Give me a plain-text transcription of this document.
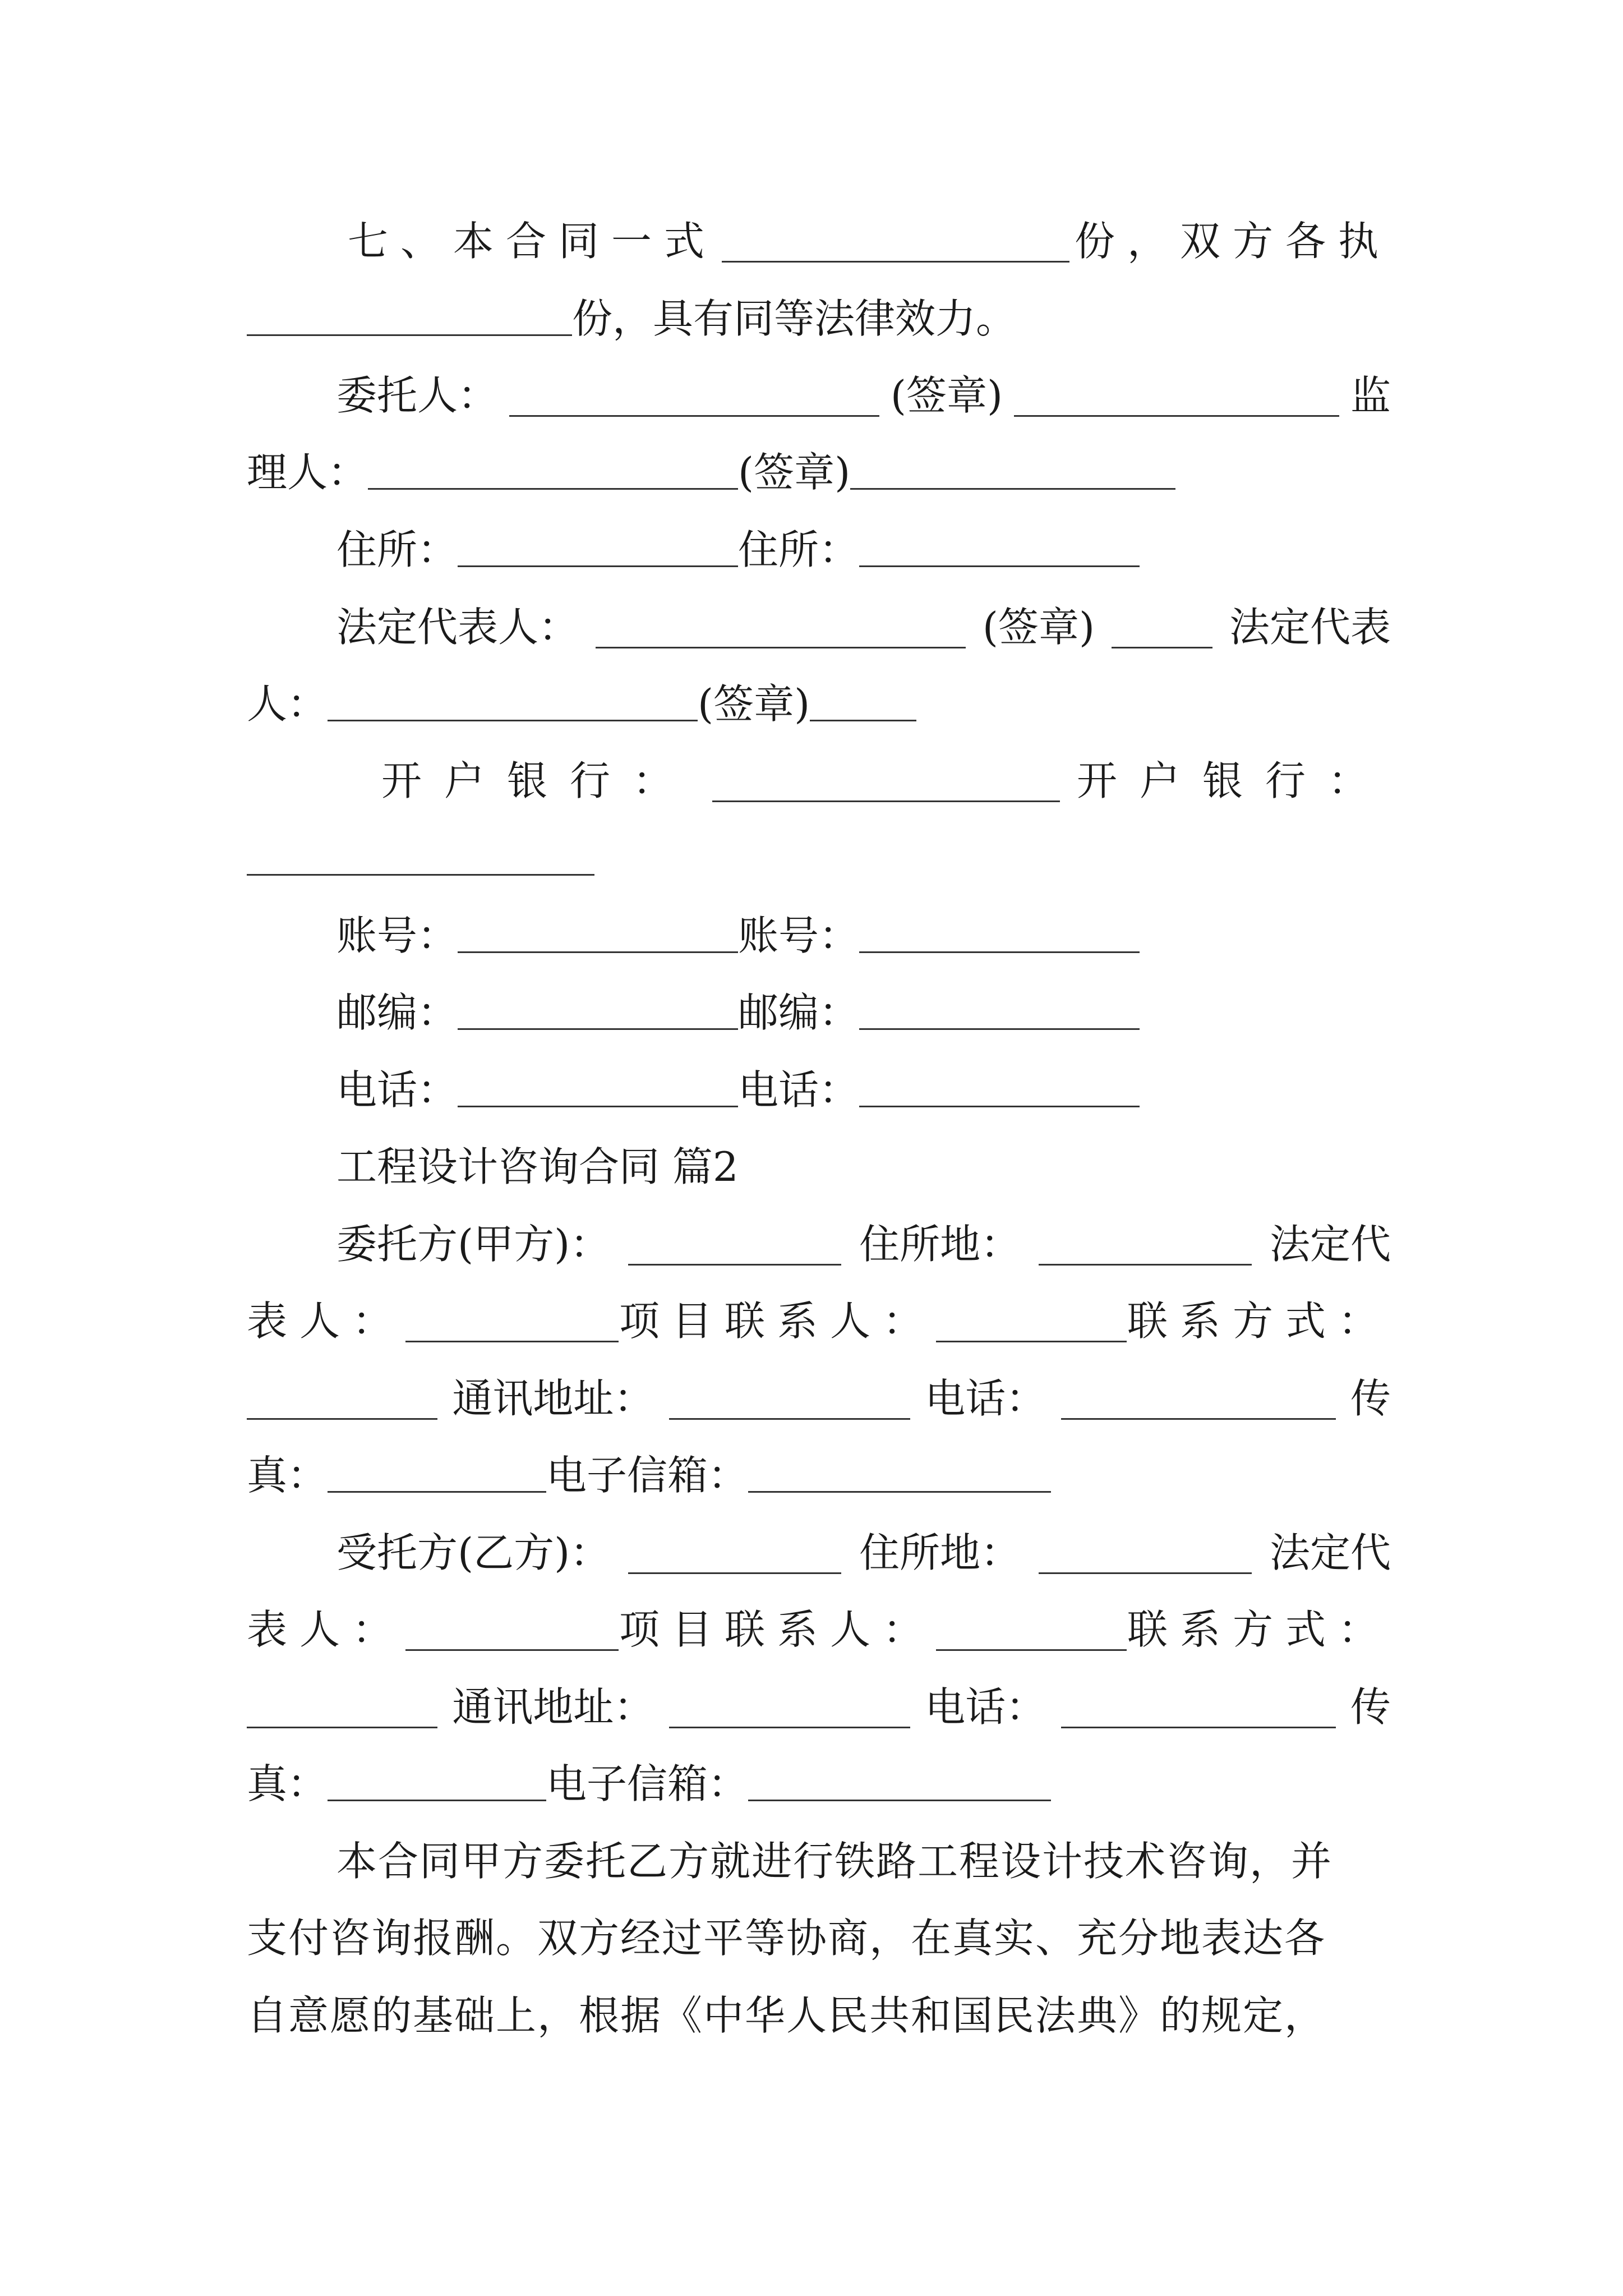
七、本合同一式	份，双方各执
份，具有同等法律效力。
委托人：	(签章)	监
理人：	(签章)
住所：	住所：
法定代表人：	(签章)	法定代表
人：	(签章)
开户银行：	开户银行：
账号：	账号：
邮编：	邮编：
电话：	电话：
工程设计咨询合同 篇2
委托方(甲方)：	住所地：	法定代
表人：	项目联系人：	联系方式：
通讯地址：	电话：	传
真：	电子信箱：
受托方(乙方)：	住所地：	法定代
表人：	项目联系人：	联系方式：
通讯地址：	电话：	传
真：	电子信箱：
本合同甲方委托乙方就进行铁路工程设计技术咨询，并
支付咨询报酬。双方经过平等协商，在真实、充分地表达各
自意愿的基础上，根据《中华人民共和国民法典》的规定，
